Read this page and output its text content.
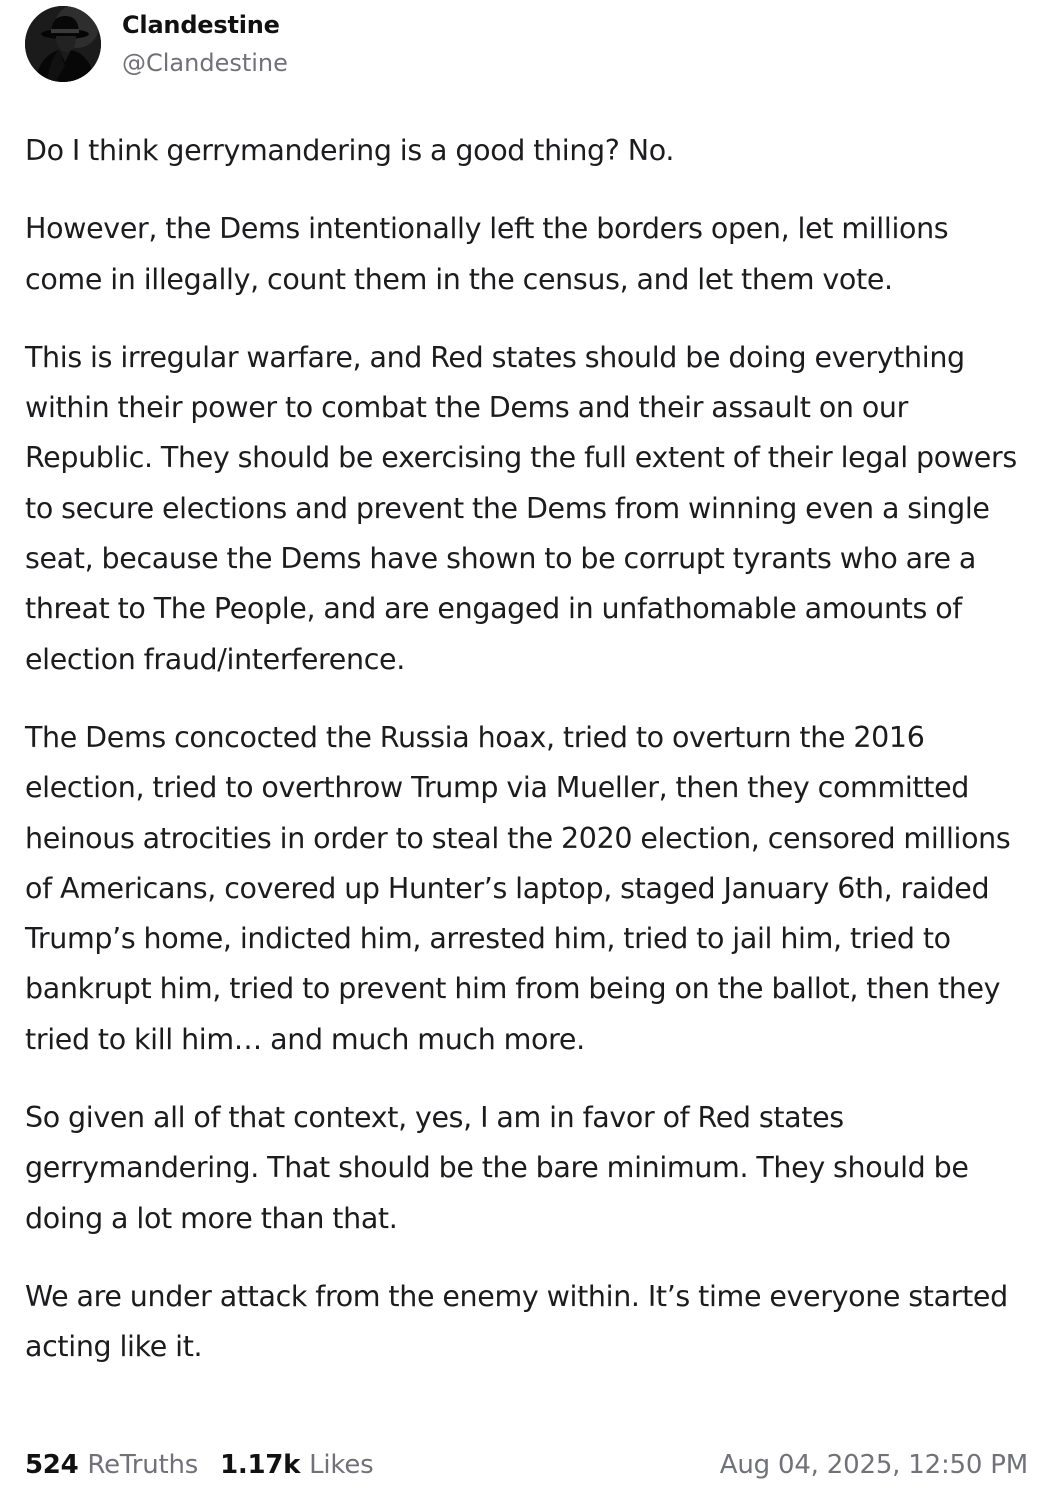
Clandestine
@Clandestine

Do I think gerrymandering is a good thing? No.

However, the Dems intentionally left the borders open, let millions come in illegally, count them in the census, and let them vote.

This is irregular warfare, and Red states should be doing everything within their power to combat the Dems and their assault on our Republic. They should be exercising the full extent of their legal powers to secure elections and prevent the Dems from winning even a single seat, because the Dems have shown to be corrupt tyrants who are a threat to The People, and are engaged in unfathomable amounts of election fraud/interference.

The Dems concocted the Russia hoax, tried to overturn the 2016 election, tried to overthrow Trump via Mueller, then they committed heinous atrocities in order to steal the 2020 election, censored millions of Americans, covered up Hunter’s laptop, staged January 6th, raided Trump’s home, indicted him, arrested him, tried to jail him, tried to bankrupt him, tried to prevent him from being on the ballot, then they tried to kill him… and much much more.

So given all of that context, yes, I am in favor of Red states gerrymandering. That should be the bare minimum. They should be doing a lot more than that.

We are under attack from the enemy within. It’s time everyone started acting like it.

524 ReTruths 1.17k Likes	Aug 04, 2025, 12:50 PM
